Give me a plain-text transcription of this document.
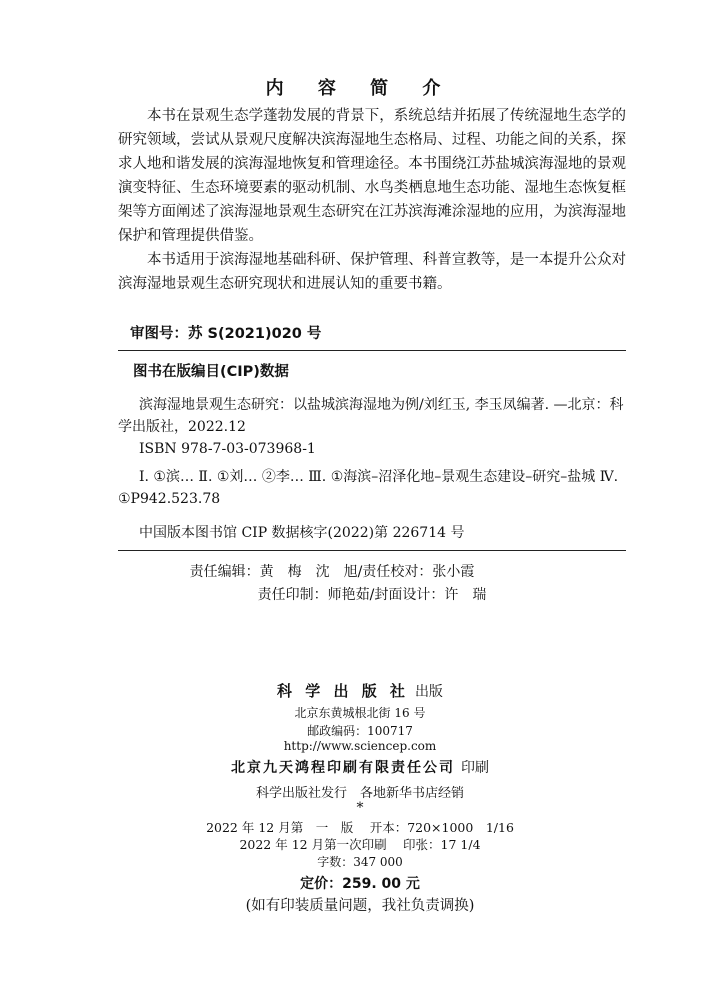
内 容 简 介

本书在景观生态学蓬勃发展的背景下，系统总结并拓展了传统湿地生态学的研究领域，尝试从景观尺度解决滨海湿地生态格局、过程、功能之间的关系，探求人地和谐发展的滨海湿地恢复和管理途径。本书围绕江苏盐城滨海湿地的景观演变特征、生态环境要素的驱动机制、水鸟类栖息地生态功能、湿地生态恢复框架等方面阐述了滨海湿地景观生态研究在江苏滨海滩涂湿地的应用，为滨海湿地保护和管理提供借鉴。

本书适用于滨海湿地基础科研、保护管理、科普宣教等，是一本提升公众对滨海湿地景观生态研究现状和进展认知的重要书籍。

审图号：苏 S(2021)020 号
图书在版编目(CIP)数据

滨海湿地景观生态研究：以盐城滨海湿地为例/刘红玉, 李玉凤编著. —北京：科学出版社，2022.12

ISBN 978-7-03-073968-1

Ⅰ. ①滨… Ⅱ. ①刘… ②李… Ⅲ. ①海滨–沼泽化地–景观生态建设–研究–盐城 Ⅳ. ①P942.523.78

中国版本图书馆 CIP 数据核字(2022)第 226714 号

责任编辑：黄　梅　沈　旭/责任校对：张小霞
责任印制：师艳茹/封面设计：许　瑞
科 学 出 版 社 出版
北京东黄城根北街 16 号
邮政编码：100717
http://www.sciencep.com
北京九天鸿程印刷有限责任公司 印刷
科学出版社发行　各地新华书店经销
*
2022 年 12 月第　一　版　 开本：720×1000　1/16
2022 年 12 月第一次印刷　 印张：17 1/4
字数：347 000
定价：259. 00 元
(如有印装质量问题，我社负责调换)
